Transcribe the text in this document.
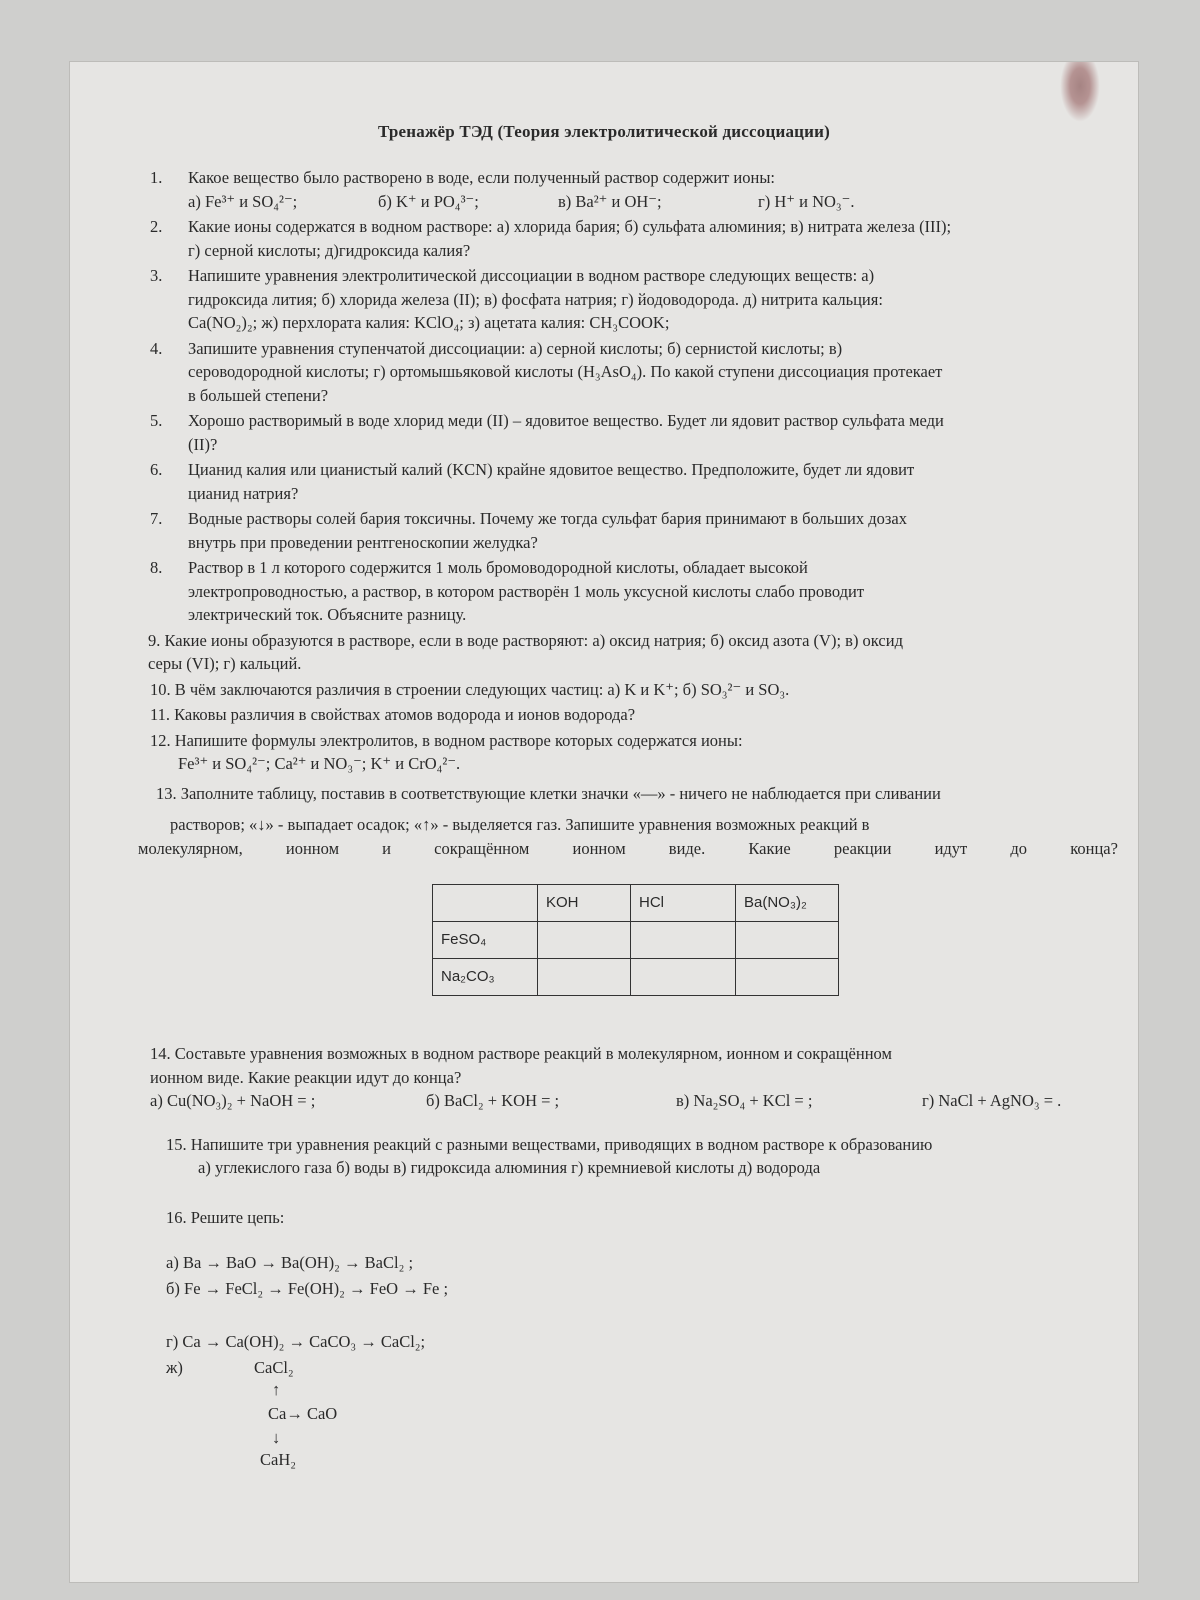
Тренажёр ТЭД (Теория электролитической диссоциации)
1.	Какое вещество было растворено в воде, если полученный раствор содержит ионы:
а) Fe³⁺ и SO₄²⁻;	б) K⁺ и PO₄³⁻;	в) Ba²⁺ и OH⁻;	г) H⁺ и NO₃⁻.
2.	Какие ионы содержатся в водном растворе: а) хлорида бария; б) сульфата алюминия; в) нитрата железа (III);
г) серной кислоты; д)гидроксида калия?
3.	Напишите уравнения электролитической диссоциации в водном растворе следующих веществ: а)
гидроксида лития; б) хлорида железа (II); в) фосфата натрия; г) йодоводорода. д) нитрита кальция:
Ca(NO₂)₂; ж) перхлората калия: KClO₄; з) ацетата калия: CH₃COOK;
4.	Запишите уравнения ступенчатой диссоциации: а) серной кислоты; б) сернистой кислоты; в)
сероводородной кислоты; г) ортомышьяковой кислоты (H₃AsO₄). По какой ступени диссоциация протекает
в большей степени?
5.	Хорошо растворимый в воде хлорид меди (II) – ядовитое вещество. Будет ли ядовит раствор сульфата меди
(II)?
6.	Цианид калия или цианистый калий (KCN) крайне ядовитое вещество. Предположите, будет ли ядовит
цианид натрия?
7.	Водные растворы солей бария токсичны. Почему же тогда сульфат бария принимают в больших дозах
внутрь при проведении рентгеноскопии желудка?
8.	Раствор в 1 л которого содержится 1 моль бромоводородной кислоты, обладает высокой
электропроводностью, а раствор, в котором растворён 1 моль уксусной кислоты слабо проводит
электрический ток. Объясните разницу.
9. Какие ионы образуются в растворе, если в воде растворяют: а) оксид натрия; б) оксид азота (V); в) оксид
серы (VI); г) кальций.
10. В чём заключаются различия в строении следующих частиц: а) K и K⁺; б) SO₃²⁻ и SO₃.
11. Каковы различия в свойствах атомов водорода и ионов водорода?
12. Напишите формулы электролитов, в водном растворе которых содержатся ионы:
Fe³⁺ и SO₄²⁻; Ca²⁺ и NO₃⁻; K⁺ и CrO₄²⁻.
13. Заполните таблицу, поставив в соответствующие клетки значки «—» - ничего не наблюдается при сливании
растворов; «↓» - выпадает осадок; «↑» - выделяется газ. Запишите уравнения возможных реакций в
молекулярном,	ионном	и	сокращённом	ионном	виде.	Какие	реакции	идут	до	конца?
	KOH	HCl	Ba(NO₃)₂
FeSO₄			
Na₂CO₃			
14. Составьте уравнения возможных в водном растворе реакций в молекулярном, ионном и сокращённом
ионном виде. Какие реакции идут до конца?
а) Cu(NO₃)₂ + NaOH = ;	б) BaCl₂ + KOH = ;	в) Na₂SO₄ + KCl = ;	г) NaCl + AgNO₃ = .
15. Напишите три уравнения реакций с разными веществами, приводящих в водном растворе к образованию
а) углекислого газа б) воды в) гидроксида алюминия г) кремниевой кислоты д) водорода
16. Решите цепь:
а) Ba → BaO → Ba(OH)₂ → BaCl₂ ;
б) Fe → FeCl₂ → Fe(OH)₂ → FeO → Fe ;
г) Ca → Ca(OH)₂ → CaCO₃ → CaCl₂;
ж)	CaCl₂
↑
Ca→ CaO
↓
CaH₂
